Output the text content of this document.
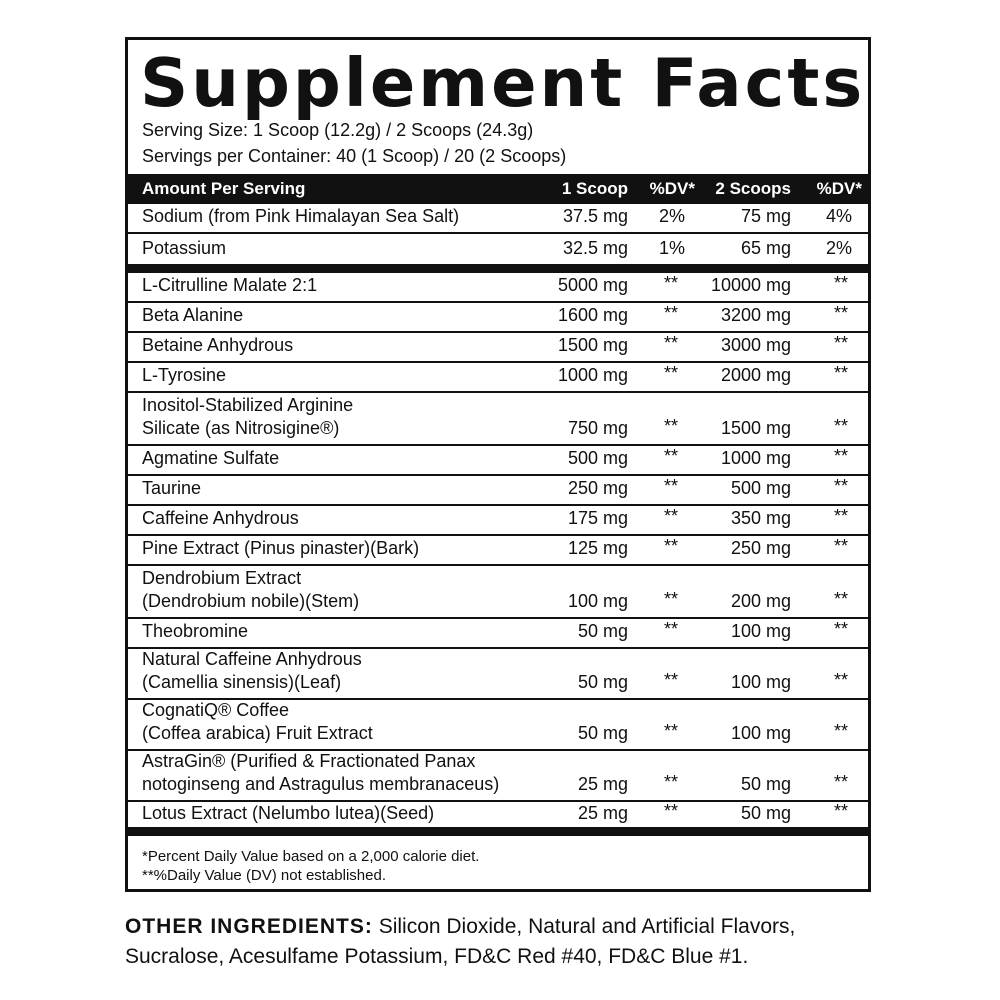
Supplement Facts
Serving Size: 1 Scoop (12.2g) / 2 Scoops (24.3g)
Servings per Container: 40 (1 Scoop) / 20 (2 Scoops)
Amount Per Serving	1 Scoop %DV* 2 Scoops %DV*
Sodium (from Pink Himalayan Sea Salt)	37.5 mg 2%	75 mg 4%
Potassium	32.5 mg 1%	65 mg 2%
L-Citrulline Malate 2:1	5000 mg ** 10000 mg **
Beta Alanine	1600 mg ** 3200 mg **
Betaine Anhydrous	1500 mg ** 3000 mg **
L-Tyrosine	1000 mg ** 2000 mg **
Inositol-Stabilized Arginine
Silicate (as Nitrosigine®)	750 mg ** 1500 mg **
Agmatine Sulfate	500 mg ** 1000 mg **
Taurine	250 mg **	500 mg **
Caffeine Anhydrous	175 mg **	350 mg **
Pine Extract (Pinus pinaster)(Bark)	125 mg **	250 mg **
Dendrobium Extract
(Dendrobium nobile)(Stem)	100 mg **	200 mg **
Theobromine	50 mg **	100 mg **
Natural Caffeine Anhydrous
(Camellia sinensis)(Leaf)	50 mg **	100 mg **
CognatiQ® Coffee
(Coffea arabica) Fruit Extract	50 mg **	100 mg **
AstraGin® (Purified & Fractionated Panax
notoginseng and Astragulus membranaceus)	25 mg **	50 mg **
Lotus Extract (Nelumbo lutea)(Seed)	25 mg **	50 mg **
*Percent Daily Value based on a 2,000 calorie diet.
**%Daily Value (DV) not established.
OTHER INGREDIENTS: Silicon Dioxide, Natural and Artificial Flavors, Sucralose, Acesulfame Potassium, FD&C Red #40, FD&C Blue #1.
